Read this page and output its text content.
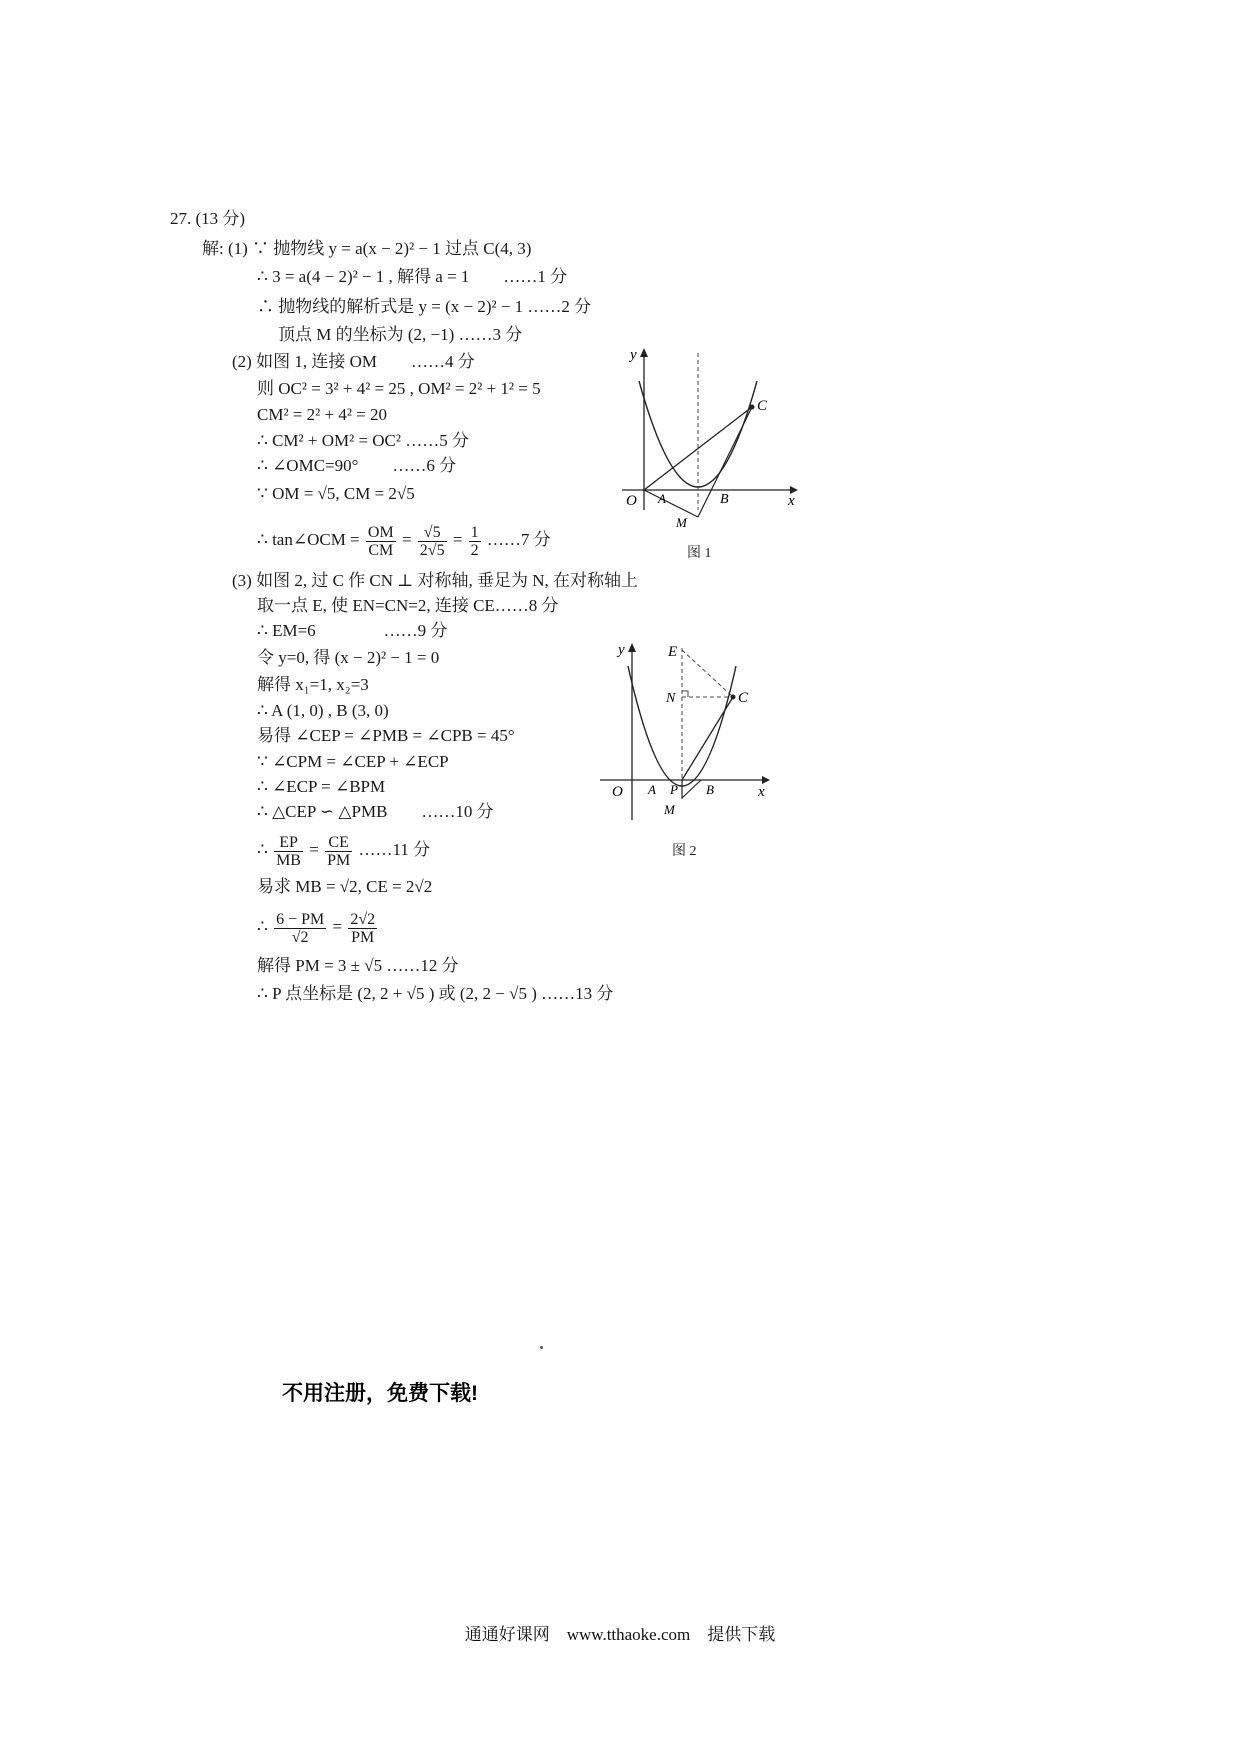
27. (13 分)
解: (1) ∵ 抛物线 y = a(x − 2)² − 1 过点 C(4, 3)
∴ 3 = a(4 − 2)² − 1 , 解得 a = 1　　……1 分
∴ 抛物线的解析式是 y = (x − 2)² − 1 ……2 分
顶点 M 的坐标为 (2, −1) ……3 分
(2) 如图 1, 连接 OM　　……4 分
则 OC² = 3² + 4² = 25 , OM² = 2² + 1² = 5
CM² = 2² + 4² = 20
∴ CM² + OM² = OC² ……5 分
∴ ∠OMC=90°　　……6 分
∵ OM = √5, CM = 2√5
∴ tan∠OCM = $\frac{OM}{CM} = \frac{√5}{2√5} = \frac{1}{2}$ ……7 分
(3) 如图 2, 过 C 作 CN ⊥ 对称轴, 垂足为 N, 在对称轴上
取一点 E, 使 EN=CN=2, 连接 CE……8 分
∴ EM=6　　　　……9 分
令 y=0, 得 (x − 2)² − 1 = 0
解得 x₁=1, x₂=3
∴ A (1, 0) , B (3, 0)
易得 ∠CEP = ∠PMB = ∠CPB = 45°
∵ ∠CPM = ∠CEP + ∠ECP
∴ ∠ECP = ∠BPM
∴ △CEP ∽ △PMB　　……10 分
∴ $\frac{EP}{MB} = \frac{CE}{PM}$ ……11 分
易求 MB = √2, CE = 2√2
∴ $\frac{6 - PM}{√2} = \frac{2√2}{PM}$
解得 PM = 3 ± √5 ……12 分
∴ P 点坐标是 (2, 2 + √5 ) 或 (2, 2 − √5 ) ……13 分
y
x
O A	B
M
C
图 1
y
x
O A P B
M
C
E
N
图 2
不用注册，免费下载!
通通好课网　www.tthaoke.com　提供下载
